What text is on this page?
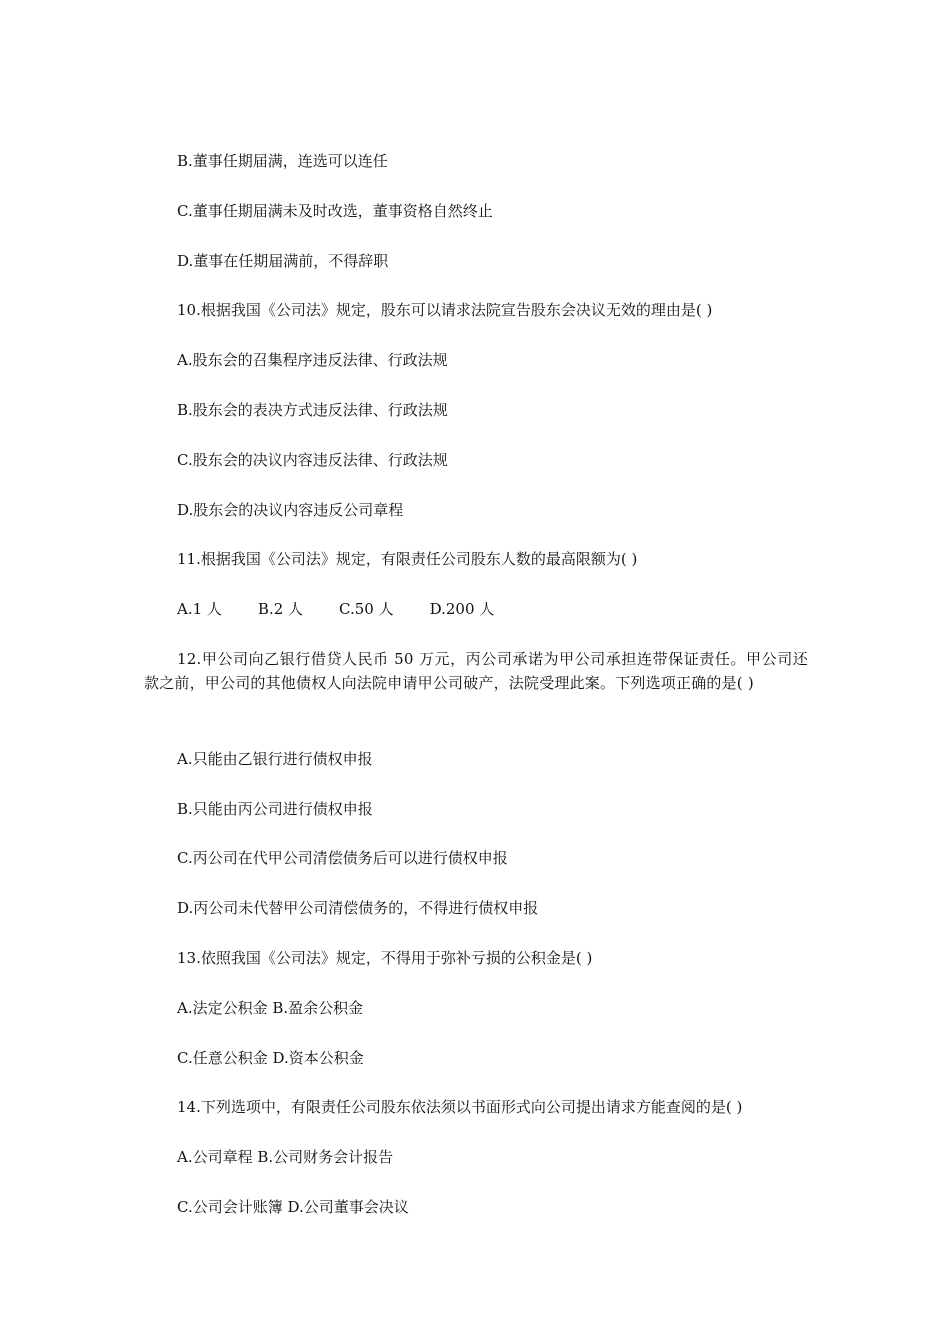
B.董事任期届满，连选可以连任
C.董事任期届满未及时改选，董事资格自然终止
D.董事在任期届满前，不得辞职
10.根据我国《公司法》规定，股东可以请求法院宣告股东会决议无效的理由是( )
A.股东会的召集程序违反法律、行政法规
B.股东会的表决方式违反法律、行政法规
C.股东会的决议内容违反法律、行政法规
D.股东会的决议内容违反公司章程
11.根据我国《公司法》规定，有限责任公司股东人数的最高限额为( )
A.1 人 B.2 人 C.50 人 D.200 人
12.甲公司向乙银行借贷人民币 50 万元，丙公司承诺为甲公司承担连带保证责任。甲公司还款之前，甲公司的其他债权人向法院申请甲公司破产，法院受理此案。下列选项正确的是( )
A.只能由乙银行进行债权申报
B.只能由丙公司进行债权申报
C.丙公司在代甲公司清偿债务后可以进行债权申报
D.丙公司未代替甲公司清偿债务的，不得进行债权申报
13.依照我国《公司法》规定，不得用于弥补亏损的公积金是( )
A.法定公积金 B.盈余公积金
C.任意公积金 D.资本公积金
14.下列选项中，有限责任公司股东依法须以书面形式向公司提出请求方能查阅的是( )
A.公司章程 B.公司财务会计报告
C.公司会计账簿 D.公司董事会决议
